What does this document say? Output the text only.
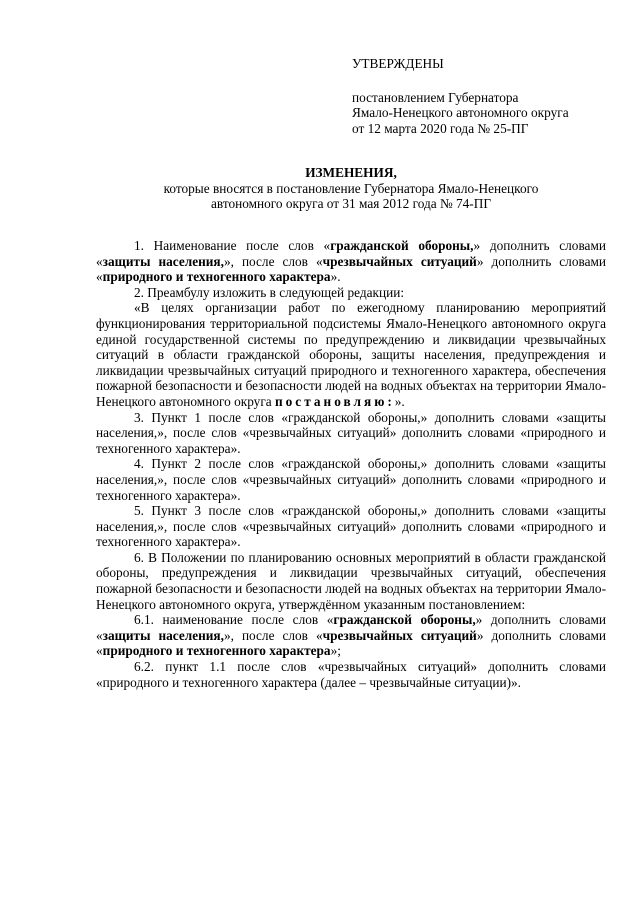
УТВЕРЖДЕНЫ
постановлением Губернатора
Ямало-Ненецкого автономного округа
от 12 марта 2020 года № 25-ПГ
ИЗМЕНЕНИЯ,
которые вносятся в постановление Губернатора Ямало-Ненецкого
автономного округа от 31 мая 2012 года № 74-ПГ

1. Наименование после слов «гражданской обороны,» дополнить словами «защиты населения,», после слов «чрезвычайных ситуаций» дополнить словами «природного и техногенного характера».

2. Преамбулу изложить в следующей редакции:

«В целях организации работ по ежегодному планированию мероприятий функционирования территориальной подсистемы Ямало-Ненецкого автономного округа единой государственной системы по предупреждению и ликвидации чрезвычайных ситуаций в области гражданской обороны, защиты населения, предупреждения и ликвидации чрезвычайных ситуаций природного и техногенного характера, обеспечения пожарной безопасности и безопасности людей на водных объектах на территории Ямало-Ненецкого автономного округа постановляю:».

3. Пункт 1 после слов «гражданской обороны,» дополнить словами «защиты населения,», после слов «чрезвычайных ситуаций» дополнить словами «природного и техногенного характера».

4. Пункт 2 после слов «гражданской обороны,» дополнить словами «защиты населения,», после слов «чрезвычайных ситуаций» дополнить словами «природного и техногенного характера».

5. Пункт 3 после слов «гражданской обороны,» дополнить словами «защиты населения,», после слов «чрезвычайных ситуаций» дополнить словами «природного и техногенного характера».

6. В Положении по планированию основных мероприятий в области гражданской обороны, предупреждения и ликвидации чрезвычайных ситуаций, обеспечения пожарной безопасности и безопасности людей на водных объектах на территории Ямало-Ненецкого автономного округа, утверждённом указанным постановлением:

6.1. наименование после слов «гражданской обороны,» дополнить словами «защиты населения,», после слов «чрезвычайных ситуаций» дополнить словами «природного и техногенного характера»;

6.2. пункт 1.1 после слов «чрезвычайных ситуаций» дополнить словами «природного и техногенного характера (далее – чрезвычайные ситуации)».
